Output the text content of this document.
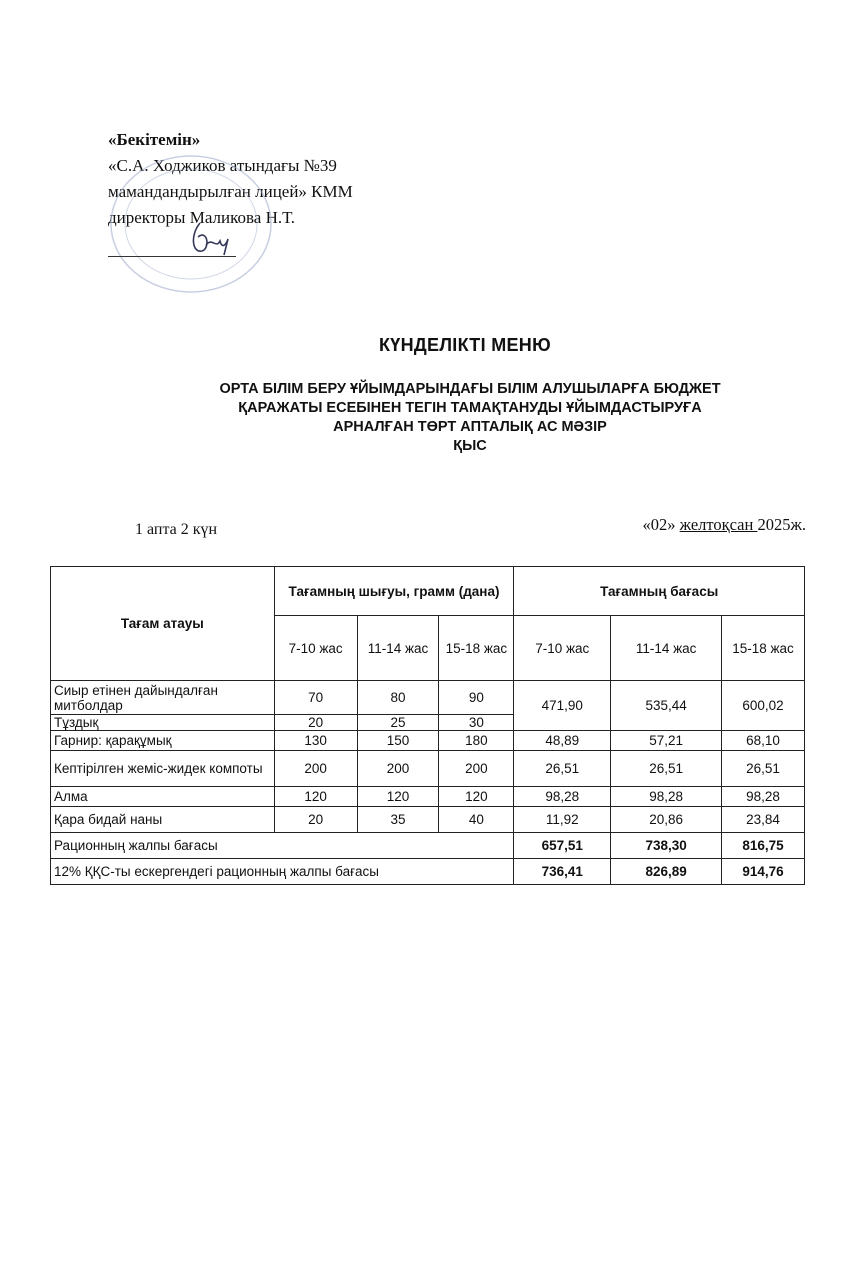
«Бекітемін»
«С.А. Ходжиков атындағы №39
мамандандырылған лицей» КММ
директоры Маликова Н.Т.
КҮНДЕЛІКТІ МЕНЮ
ОРТА БІЛІМ БЕРУ ҰЙЫМДАРЫНДАҒЫ БІЛІМ АЛУШЫЛАРҒА БЮДЖЕТ
ҚАРАЖАТЫ ЕСЕБІНЕН ТЕГІН ТАМАҚТАНУДЫ ҰЙЫМДАСТЫРУҒА
АРНАЛҒАН ТӨРТ АПТАЛЫҚ АС МӘЗІР
ҚЫС
1 апта 2 күн	«02» желтоқсан 2025ж.
Тағам атауы	Тағамның шығуы, грамм (дана)			Тағамның бағасы		
	7-10 жас	11-14 жас	15-18 жас	7-10 жас	11-14 жас	15-18 жас
Сиыр етінен дайындалған митболдар	70	80	90	471,90	535,44	600,02
Тұздық	20	25	30			
Гарнир: қарақұмық	130	150	180	48,89	57,21	68,10
Кептірілген жеміс-жидек компоты	200	200	200	26,51	26,51	26,51
Алма	120	120	120	98,28	98,28	98,28
Қара бидай наны	20	35	40	11,92	20,86	23,84
Рационның жалпы бағасы				657,51	738,30	816,75
12% ҚҚС-ты ескергендегі рационның жалпы бағасы				736,41	826,89	914,76
